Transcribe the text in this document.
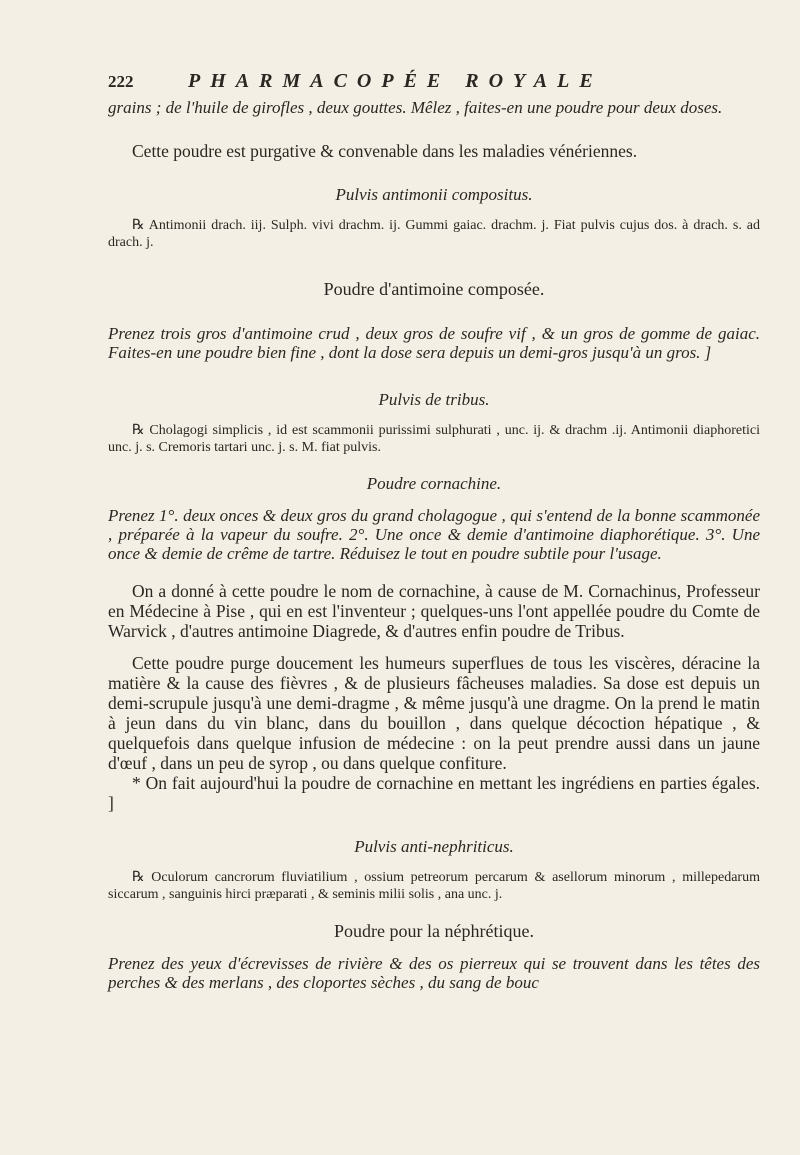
222	PHARMACOPÉE ROYALE

grains ; de l'huile de girofles , deux gouttes. Mêlez , faites-en une poudre pour deux doses.

Cette poudre est purgative & convenable dans les maladies vénériennes.

Pulvis antimonii compositus.

℞ Antimonii drach. iij. Sulph. vivi drachm. ij. Gummi gaiac. drachm. j. Fiat pulvis cujus dos. à drach. s. ad drach. j.

Poudre d'antimoine composée.

Prenez trois gros d'antimoine crud , deux gros de soufre vif , & un gros de gomme de gaiac. Faites-en une poudre bien fine , dont la dose sera depuis un demi-gros jusqu'à un gros. ]

Pulvis de tribus.

℞ Cholagogi simplicis , id est scammonii purissimi sulphurati , unc. ij. & drachm .ij. Antimonii diaphoretici unc. j. s. Cremoris tartari unc. j. s. M. fiat pulvis.

Poudre cornachine.

Prenez 1°. deux onces & deux gros du grand cholagogue , qui s'entend de la bonne scammonée , préparée à la vapeur du soufre. 2°. Une once & demie d'antimoine diaphorétique. 3°. Une once & demie de crême de tartre. Réduisez le tout en poudre subtile pour l'usage.

On a donné à cette poudre le nom de cornachine, à cause de M. Cornachinus, Professeur en Médecine à Pise , qui en est l'inventeur ; quelques-uns l'ont appellée poudre du Comte de Warvick , d'autres antimoine Diagrede, & d'autres enfin poudre de Tribus.

Cette poudre purge doucement les humeurs superflues de tous les viscères, déracine la matière & la cause des fièvres , & de plusieurs fâcheuses maladies. Sa dose est depuis un demi-scrupule jusqu'à une demi-dragme , & même jusqu'à une dragme. On la prend le matin à jeun dans du vin blanc, dans du bouillon , dans quelque décoction hépatique , & quelquefois dans quelque infusion de médecine : on la peut prendre aussi dans un jaune d'œuf , dans un peu de syrop , ou dans quelque confiture.

* On fait aujourd'hui la poudre de cornachine en mettant les ingrédiens en parties égales. ]

Pulvis anti-nephriticus.

℞ Oculorum cancrorum fluviatilium , ossium petreorum percarum & asellorum minorum , millepedarum siccarum , sanguinis hirci præparati , & seminis milii solis , ana unc. j.

Poudre pour la néphrétique.

Prenez des yeux d'écrevisses de rivière & des os pierreux qui se trouvent dans les têtes des perches & des merlans , des cloportes sèches , du sang de bouc
